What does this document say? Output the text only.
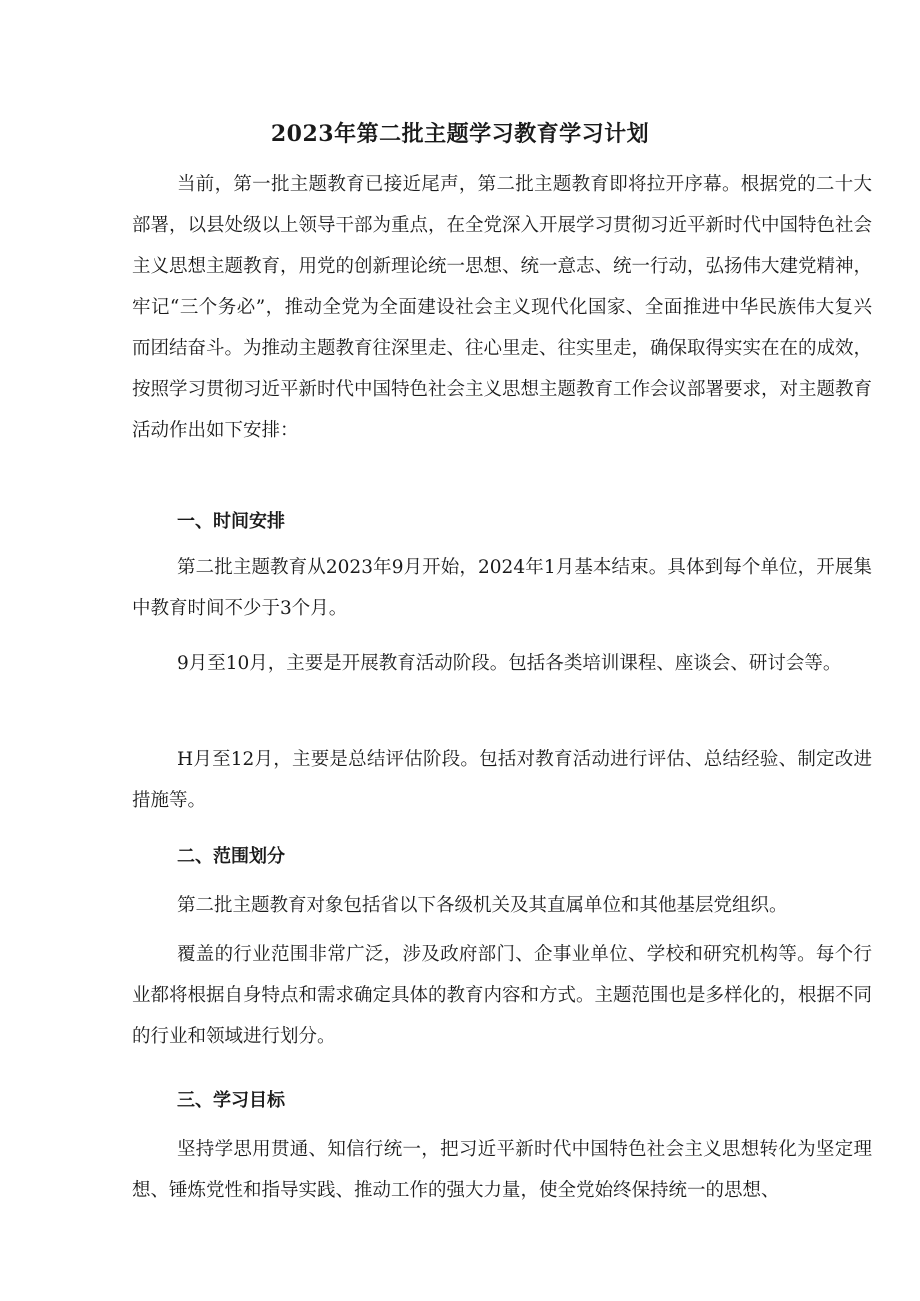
2023年第二批主题学习教育学习计划

当前，第一批主题教育已接近尾声，第二批主题教育即将拉开序幕。根据党的二十大部署，以县处级以上领导干部为重点，在全党深入开展学习贯彻习近平新时代中国特色社会主义思想主题教育，用党的创新理论统一思想、统一意志、统一行动，弘扬伟大建党精神，牢记“三个务必”，推动全党为全面建设社会主义现代化国家、全面推进中华民族伟大复兴而团结奋斗。为推动主题教育往深里走、往心里走、往实里走，确保取得实实在在的成效，按照学习贯彻习近平新时代中国特色社会主义思想主题教育工作会议部署要求，对主题教育活动作出如下安排：

一、时间安排

第二批主题教育从2023年9月开始，2024年1月基本结束。具体到每个单位，开展集中教育时间不少于3个月。

9月至10月，主要是开展教育活动阶段。包括各类培训课程、座谈会、研讨会等。

H月至12月，主要是总结评估阶段。包括对教育活动进行评估、总结经验、制定改进措施等。

二、范围划分

第二批主题教育对象包括省以下各级机关及其直属单位和其他基层党组织。

覆盖的行业范围非常广泛，涉及政府部门、企事业单位、学校和研究机构等。每个行业都将根据自身特点和需求确定具体的教育内容和方式。主题范围也是多样化的，根据不同的行业和领域进行划分。

三、学习目标

坚持学思用贯通、知信行统一，把习近平新时代中国特色社会主义思想转化为坚定理想、锤炼党性和指导实践、推动工作的强大力量，使全党始终保持统一的思想、
